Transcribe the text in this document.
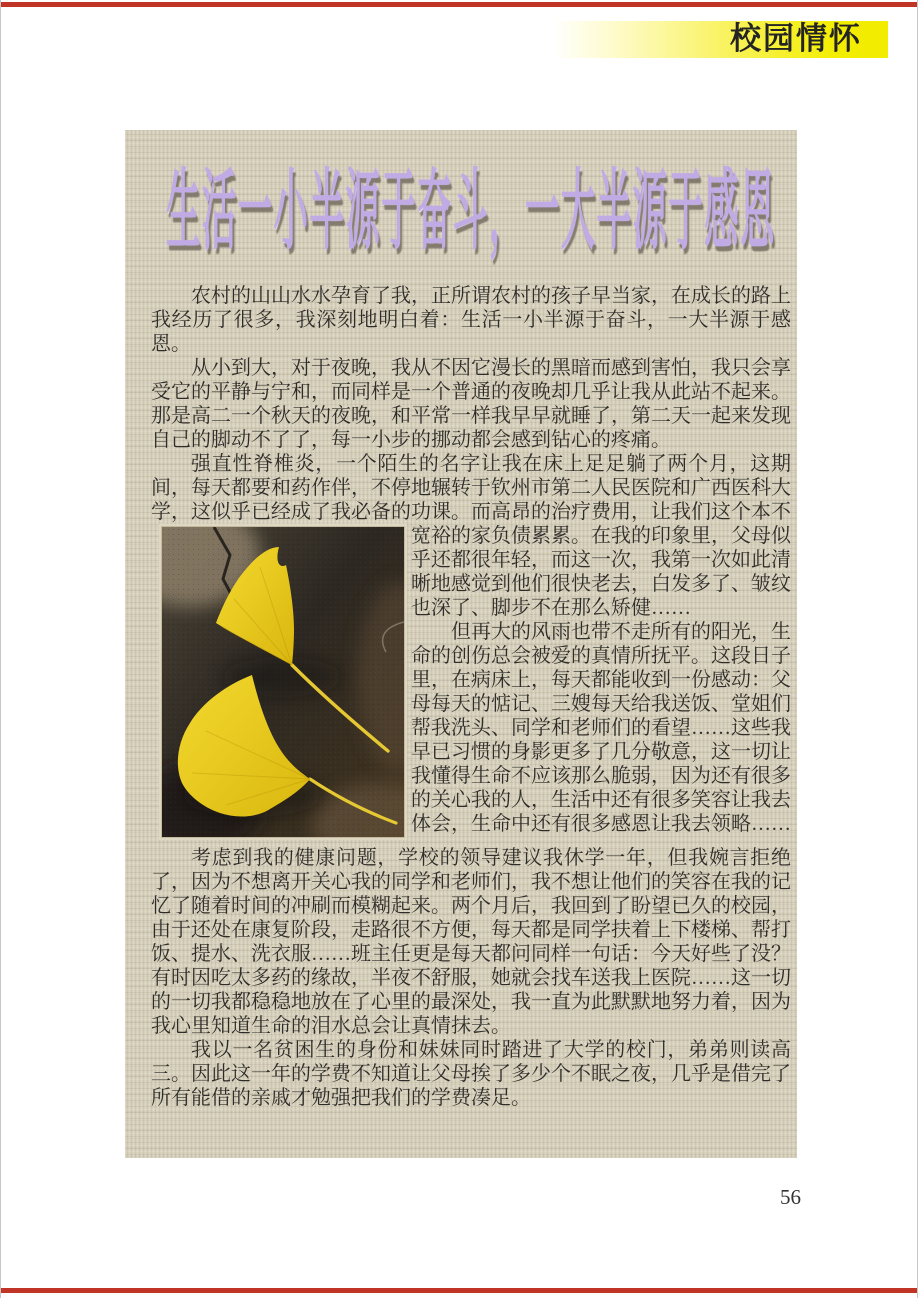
校园情怀
生活一小半源于奋斗，一大半源于感恩

农村的山山水水孕育了我，正所谓农村的孩子早当家，在成长的路上我经历了很多，我深刻地明白着：生活一小半源于奋斗，一大半源于感恩。

从小到大，对于夜晚，我从不因它漫长的黑暗而感到害怕，我只会享受它的平静与宁和，而同样是一个普通的夜晚却几乎让我从此站不起来。那是高二一个秋天的夜晚，和平常一样我早早就睡了，第二天一起来发现自己的脚动不了了，每一小步的挪动都会感到钻心的疼痛。

强直性脊椎炎，一个陌生的名字让我在床上足足躺了两个月，这期间，每天都要和药作伴，不停地辗转于钦州市第二人民医院和广西医科大学，这似乎已经成了我必备的功课。而高昂的治疗费用，让我们这个本不宽裕
的家负债累累。在我的印象里，父母似乎还都很年轻，而这一次，我第一次如此清晰地感觉到他们很快老去，白发多了、皱纹也深了、脚步不在那么矫健……

但再大的风雨也带不走所有的阳光，生命的创伤总会被爱的真情所抚平。这段日子里，在病床上，每天都能收到一份感动：父母每天的惦记、三嫂每天给我送饭、堂姐们帮我洗头、同学和老师们的看望……这些我早已习惯的身影更多了几分敬意，这一切让我懂得生命不应该那么脆弱，因为还有很多的关心我的人，生活中还有很多笑容让我去体会，生命中还有很多感恩让我去领略……

考虑到我的健康问题，学校的领导建议我休学一年，但我婉言拒绝了，因为不想离开关心我的同学和老师们，我不想让他们的笑容在我的记忆了随着时间的冲刷而模糊起来。两个月后，我回到了盼望已久的校园，由于还处在康复阶段，走路很不方便，每天都是同学扶着上下楼梯、帮打饭、提水、洗衣服……班主任更是每天都问同样一句话：今天好些了没？有时因吃太多药的缘故，半夜不舒服，她就会找车送我上医院……这一切的一切我都稳稳地放在了心里的最深处，我一直为此默默地努力着，因为我心里知道生命的泪水总会让真情抹去。

我以一名贫困生的身份和妹妹同时踏进了大学的校门，弟弟则读高三。因此这一年的学费不知道让父母挨了多少个不眠之夜，几乎是借完了所有能借的亲戚才勉强把我们的学费凑足。

56
